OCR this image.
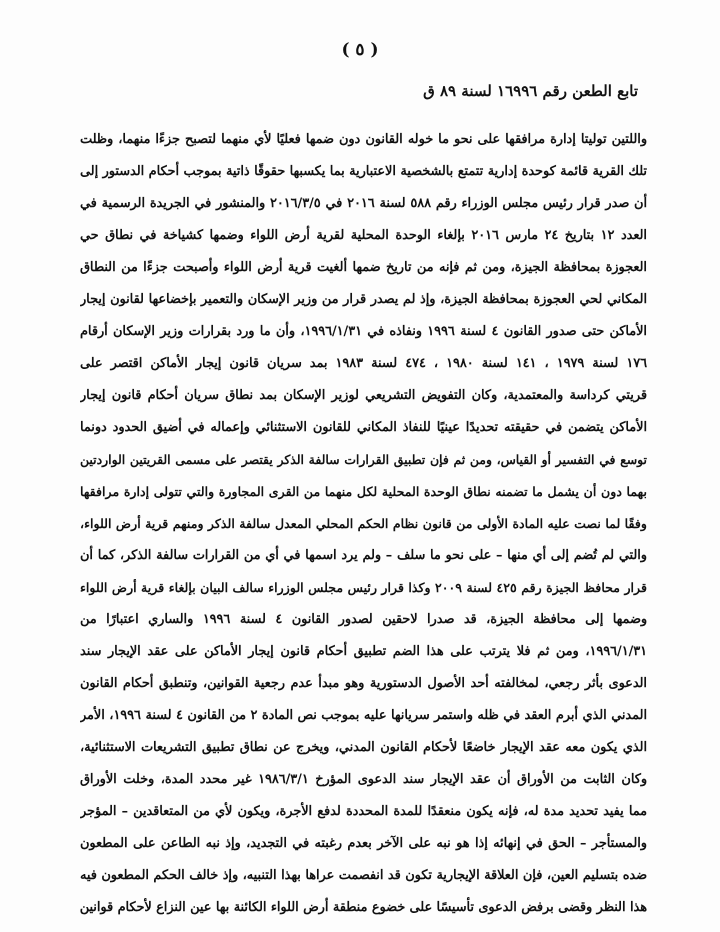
( ٥ )
تابع الطعن رقم ١٦٩٩٦ لسنة ٨٩ ق
واللتين توليتا إدارة مرافقها على نحو ما خوله القانون دون ضمها فعليًا لأي منهما لتصبح جزءًا منهما، وظلت
تلك القرية قائمة كوحدة إدارية تتمتع بالشخصية الاعتبارية بما يكسبها حقوقًا ذاتية بموجب أحكام الدستور إلى
أن صدر قرار رئيس مجلس الوزراء رقم ٥٨٨ لسنة ٢٠١٦ في ٢٠١٦/٣/٥ والمنشور في الجريدة الرسمية في
العدد ١٢ بتاريخ ٢٤ مارس ٢٠١٦ بإلغاء الوحدة المحلية لقرية أرض اللواء وضمها كشياخة في نطاق حي
العجوزة بمحافظة الجيزة، ومن ثم فإنه من تاريخ ضمها ألغيت قرية أرض اللواء وأصبحت جزءًا من النطاق
المكاني لحي العجوزة بمحافظة الجيزة، وإذ لم يصدر قرار من وزير الإسكان والتعمير بإخضاعها لقانون إيجار
الأماكن حتى صدور القانون ٤ لسنة ١٩٩٦ ونفاذه في ١٩٩٦/١/٣١، وأن ما ورد بقرارات وزير الإسكان أرقام
١٧٦ لسنة ١٩٧٩ ، ١٤١ لسنة ١٩٨٠ ، ٤٧٤ لسنة ١٩٨٣ بمد سريان قانون إيجار الأماكن اقتصر على
قريتي كرداسة والمعتمدية، وكان التفويض التشريعي لوزير الإسكان بمد نطاق سريان أحكام قانون إيجار
الأماكن يتضمن في حقيقته تحديدًا عينيًا للنفاذ المكاني للقانون الاستثنائي وإعماله في أضيق الحدود دونما
توسع في التفسير أو القياس، ومن ثم فإن تطبيق القرارات سالفة الذكر يقتصر على مسمى القريتين الواردتين
بهما دون أن يشمل ما تضمنه نطاق الوحدة المحلية لكل منهما من القرى المجاورة والتي تتولى إدارة مرافقها
وفقًا لما نصت عليه المادة الأولى من قانون نظام الحكم المحلي المعدل سالفة الذكر ومنهم قرية أرض اللواء،
والتي لم تُضم إلى أي منها – على نحو ما سلف – ولم يرد اسمها في أي من القرارات سالفة الذكر، كما أن
قرار محافظ الجيزة رقم ٤٢٥ لسنة ٢٠٠٩ وكذا قرار رئيس مجلس الوزراء سالف البيان بإلغاء قرية أرض اللواء
وضمها إلى محافظة الجيزة، قد صدرا لاحقين لصدور القانون ٤ لسنة ١٩٩٦ والساري اعتبارًا من
١٩٩٦/١/٣١، ومن ثم فلا يترتب على هذا الضم تطبيق أحكام قانون إيجار الأماكن على عقد الإيجار سند
الدعوى بأثر رجعي، لمخالفته أحد الأصول الدستورية وهو مبدأ عدم رجعية القوانين، وتنطبق أحكام القانون
المدني الذي أبرم العقد في ظله واستمر سريانها عليه بموجب نص المادة ٢ من القانون ٤ لسنة ١٩٩٦، الأمر
الذي يكون معه عقد الإيجار خاضعًا لأحكام القانون المدني، ويخرج عن نطاق تطبيق التشريعات الاستثنائية،
وكان الثابت من الأوراق أن عقد الإيجار سند الدعوى المؤرخ ١٩٨٦/٣/١ غير محدد المدة، وخلت الأوراق
مما يفيد تحديد مدة له، فإنه يكون منعقدًا للمدة المحددة لدفع الأجرة، ويكون لأي من المتعاقدين – المؤجر
والمستأجر – الحق في إنهائه إذا هو نبه على الآخر بعدم رغبته في التجديد، وإذ نبه الطاعن على المطعون
ضده بتسليم العين، فإن العلاقة الإيجارية تكون قد انفصمت عراها بهذا التنبيه، وإذ خالف الحكم المطعون فيه
هذا النظر وقضى برفض الدعوى تأسيسًا على خضوع منطقة أرض اللواء الكائنة بها عين النزاع لأحكام قوانين
